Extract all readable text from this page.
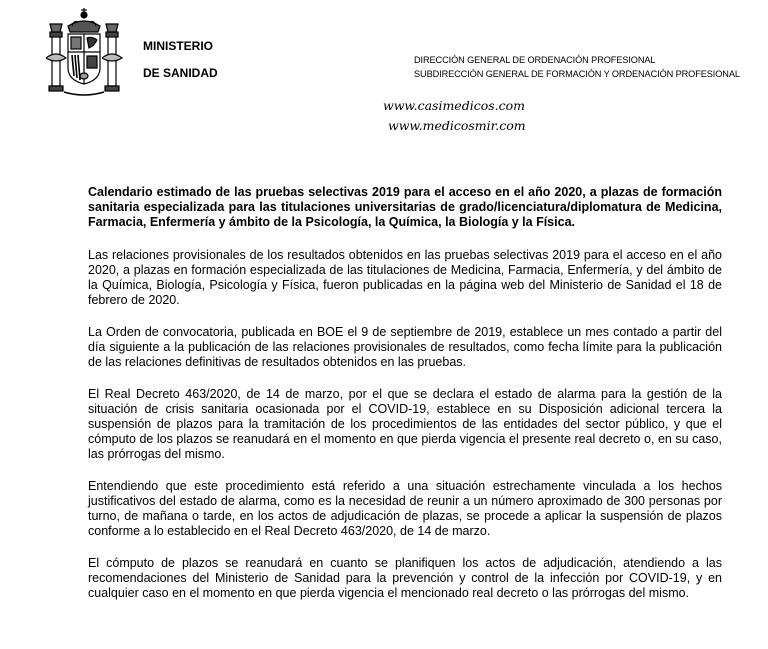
MINISTERIO
DE SANIDAD
DIRECCIÓN GENERAL DE ORDENACIÓN PROFESIONAL
SUBDIRECCIÓN GENERAL DE FORMACIÓN Y ORDENACIÓN PROFESIONAL
www.casimedicos.com
www.medicosmir.com

Calendario estimado de las pruebas selectivas 2019 para el acceso en el año 2020, a plazas de formación sanitaria especializada para las titulaciones universitarias de grado/licenciatura/diplomatura de Medicina, Farmacia, Enfermería y ámbito de la Psicología, la Química, la Biología y la Física.

Las relaciones provisionales de los resultados obtenidos en las pruebas selectivas 2019 para el acceso en el año 2020, a plazas en formación especializada de las titulaciones de Medicina, Farmacia, Enfermería, y del ámbito de la Química, Biología, Psicología y Física, fueron publicadas en la página web del Ministerio de Sanidad el 18 de febrero de 2020.

La Orden de convocatoria, publicada en BOE el 9 de septiembre de 2019, establece un mes contado a partir del día siguiente a la publicación de las relaciones provisionales de resultados, como fecha límite para la publicación de las relaciones definitivas de resultados obtenidos en las pruebas.

El Real Decreto 463/2020, de 14 de marzo, por el que se declara el estado de alarma para la gestión de la situación de crisis sanitaria ocasionada por el COVID-19, establece en su Disposición adicional tercera la suspensión de plazos para la tramitación de los procedimientos de las entidades del sector público, y que el cómputo de los plazos se reanudará en el momento en que pierda vigencia el presente real decreto o, en su caso, las prórrogas del mismo.

Entendiendo que este procedimiento está referido a una situación estrechamente vinculada a los hechos justificativos del estado de alarma, como es la necesidad de reunir a un número aproximado de 300 personas por turno, de mañana o tarde, en los actos de adjudicación de plazas, se procede a aplicar la suspensión de plazos conforme a lo establecido en el Real Decreto 463/2020, de 14 de marzo.

El cómputo de plazos se reanudará en cuanto se planifiquen los actos de adjudicación, atendiendo a las recomendaciones del Ministerio de Sanidad para la prevención y control de la infección por COVID-19, y en cualquier caso en el momento en que pierda vigencia el mencionado real decreto o las prórrogas del mismo.
